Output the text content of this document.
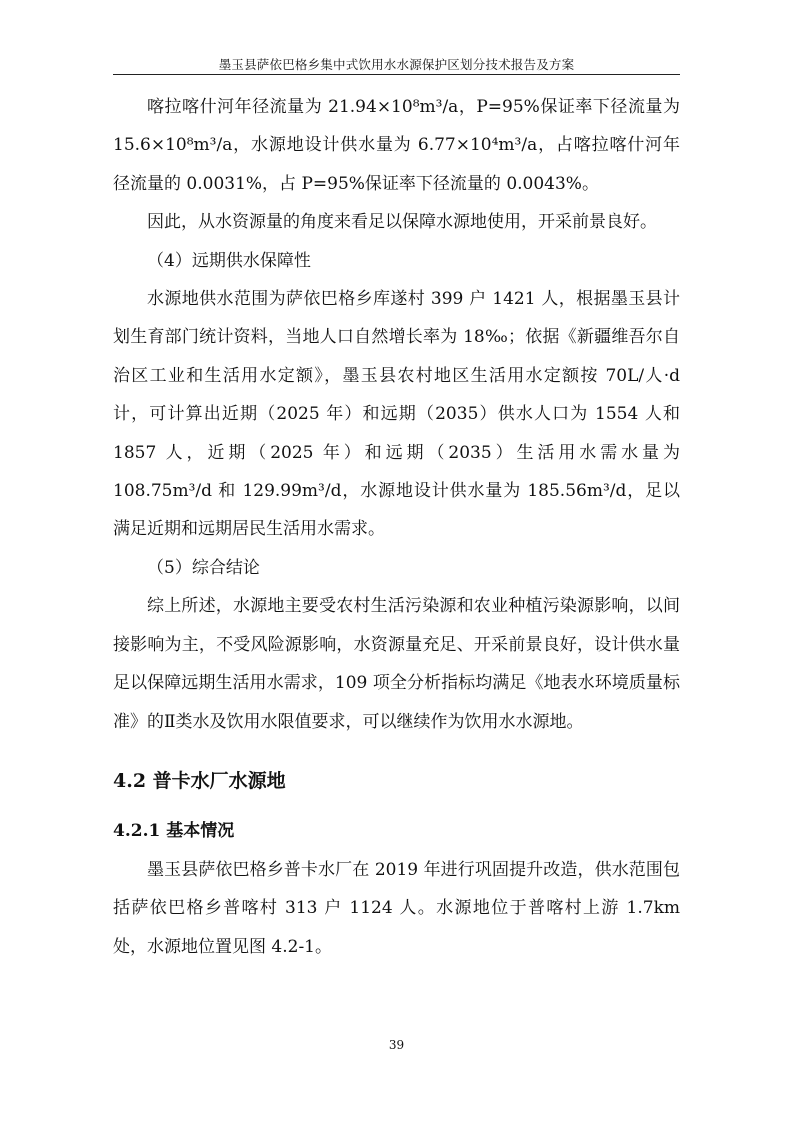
墨玉县萨依巴格乡集中式饮用水水源保护区划分技术报告及方案

喀拉喀什河年径流量为 21.94×10⁸m³/a，P=95%保证率下径流量为 15.6×10⁸m³/a，水源地设计供水量为 6.77×10⁴m³/a，占喀拉喀什河年径流量的 0.0031%，占 P=95%保证率下径流量的 0.0043%。

因此，从水资源量的角度来看足以保障水源地使用，开采前景良好。

（4）远期供水保障性

水源地供水范围为萨依巴格乡库遂村 399 户 1421 人，根据墨玉县计划生育部门统计资料，当地人口自然增长率为 18‰；依据《新疆维吾尔自治区工业和生活用水定额》，墨玉县农村地区生活用水定额按 70L/人·d 计，可计算出近期（2025 年）和远期（2035）供水人口为 1554 人和 1857 人，近期（2025 年）和远期（2035）生活用水需水量为 108.75m³/d 和 129.99m³/d，水源地设计供水量为 185.56m³/d，足以满足近期和远期居民生活用水需求。

（5）综合结论

综上所述，水源地主要受农村生活污染源和农业种植污染源影响，以间接影响为主，不受风险源影响，水资源量充足、开采前景良好，设计供水量足以保障远期生活用水需求，109 项全分析指标均满足《地表水环境质量标准》的Ⅱ类水及饮用水限值要求，可以继续作为饮用水水源地。

4.2 普卡水厂水源地
4.2.1 基本情况

墨玉县萨依巴格乡普卡水厂在 2019 年进行巩固提升改造，供水范围包括萨依巴格乡普喀村 313 户 1124 人。水源地位于普喀村上游 1.7km 处，水源地位置见图 4.2-1。

39
